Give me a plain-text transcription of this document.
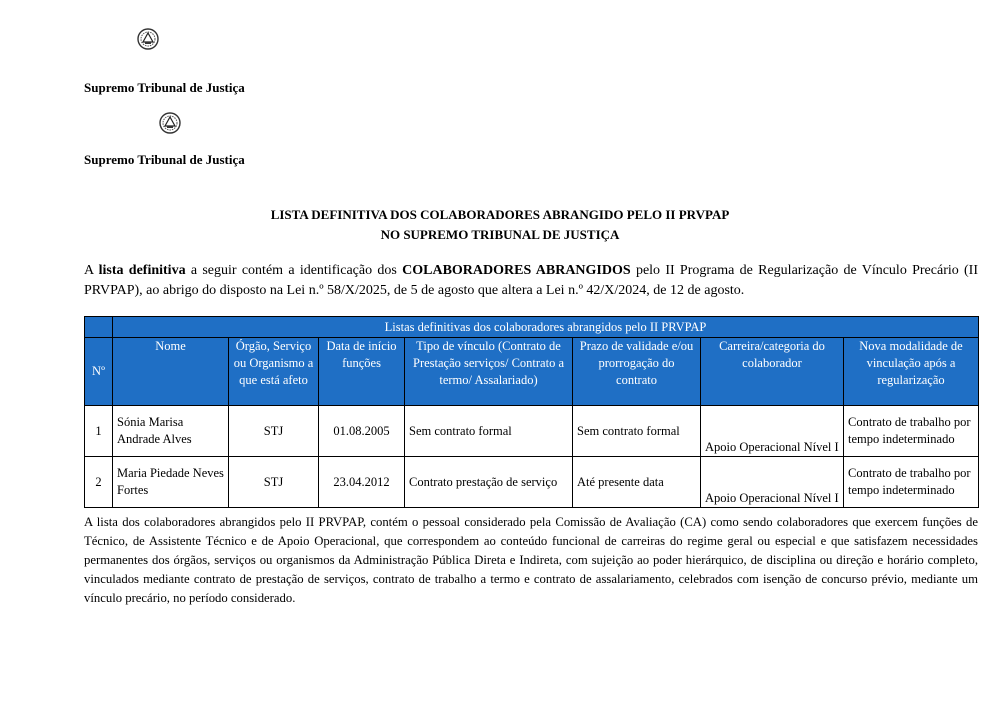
Supremo Tribunal de Justiça
Supremo Tribunal de Justiça
LISTA DEFINITIVA DOS COLABORADORES ABRANGIDO PELO II PRVPAP
NO SUPREMO TRIBUNAL DE JUSTIÇA
A lista definitiva a seguir contém a identificação dos COLABORADORES ABRANGIDOS pelo II Programa de Regularização de Vínculo Precário (II PRVPAP), ao abrigo do disposto na Lei n.º 58/X/2025, de 5 de agosto que altera a Lei n.º 42/X/2024, de 12 de agosto.
	Listas definitivas dos colaboradores abrangidos pelo II PRVPAP						
Nº	Nome	Órgão, Serviço ou Organismo a que está afeto	Data de início funções	Tipo de vínculo (Contrato de Prestação serviços/ Contrato a termo/ Assalariado)	Prazo de validade e/ou prorrogação do contrato	Carreira/categoria do colaborador	Nova modalidade de vinculação após a regularização
1	Sónia Marisa Andrade Alves	STJ	01.08.2005	Sem contrato formal	Sem contrato formal	Apoio Operacional Nível I	Contrato de trabalho por tempo indeterminado
2	Maria Piedade Neves Fortes	STJ	23.04.2012	Contrato prestação de serviço	Até presente data	Apoio Operacional Nível I	Contrato de trabalho por tempo indeterminado
A lista dos colaboradores abrangidos pelo II PRVPAP, contém o pessoal considerado pela Comissão de Avaliação (CA) como sendo colaboradores que exercem funções de Técnico, de Assistente Técnico e de Apoio Operacional, que correspondem ao conteúdo funcional de carreiras do regime geral ou especial e que satisfazem necessidades permanentes dos órgãos, serviços ou organismos da Administração Pública Direta e Indireta, com sujeição ao poder hierárquico, de disciplina ou direção e horário completo, vinculados mediante contrato de prestação de serviços, contrato de trabalho a termo e contrato de assalariamento, celebrados com isenção de concurso prévio, mediante um vínculo precário, no período considerado.
